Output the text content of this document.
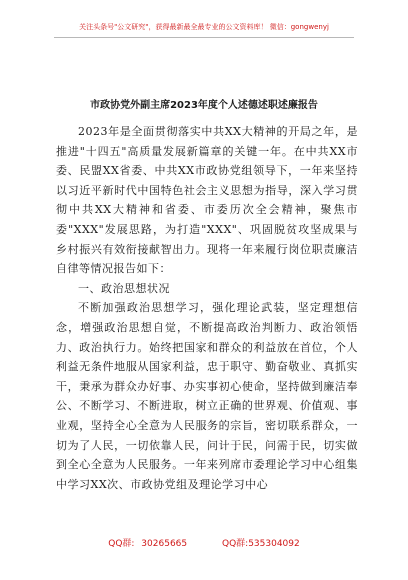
关注头条号"公文研究"，获得最新最全最专业的公文资料库！ 微信：gongwenyj
市政协党外副主席2023年度个人述德述职述廉报告

2023年是全面贯彻落实中共XX大精神的开局之年，是推进"十四五"高质量发展新篇章的关键一年。在中共XX市委、民盟XX省委、中共XX市政协党组领导下，一年来坚持以习近平新时代中国特色社会主义思想为指导，深入学习贯彻中共XX大精神和省委、市委历次全会精神，聚焦市委"XXX"发展思路，为打造"XXX"、巩固脱贫攻坚成果与乡村振兴有效衔接献智出力。现将一年来履行岗位职责廉洁自律等情况报告如下：

一、政治思想状况

不断加强政治思想学习，强化理论武装，坚定理想信念，增强政治思想自觉，不断提高政治判断力、政治领悟力、政治执行力。始终把国家和群众的利益放在首位，个人利益无条件地服从国家利益，忠于职守、勤奋敬业、真抓实干，秉承为群众办好事、办实事初心使命，坚持做到廉洁奉公、不断学习、不断进取，树立正确的世界观、价值观、事业观，坚持全心全意为人民服务的宗旨，密切联系群众，一切为了人民，一切依靠人民，问计于民，问需于民，切实做到全心全意为人民服务。一年来列席市委理论学习中心组集中学习XX次、市政协党组及理论学习中心

QQ群: 30265665	QQ群:535304092
